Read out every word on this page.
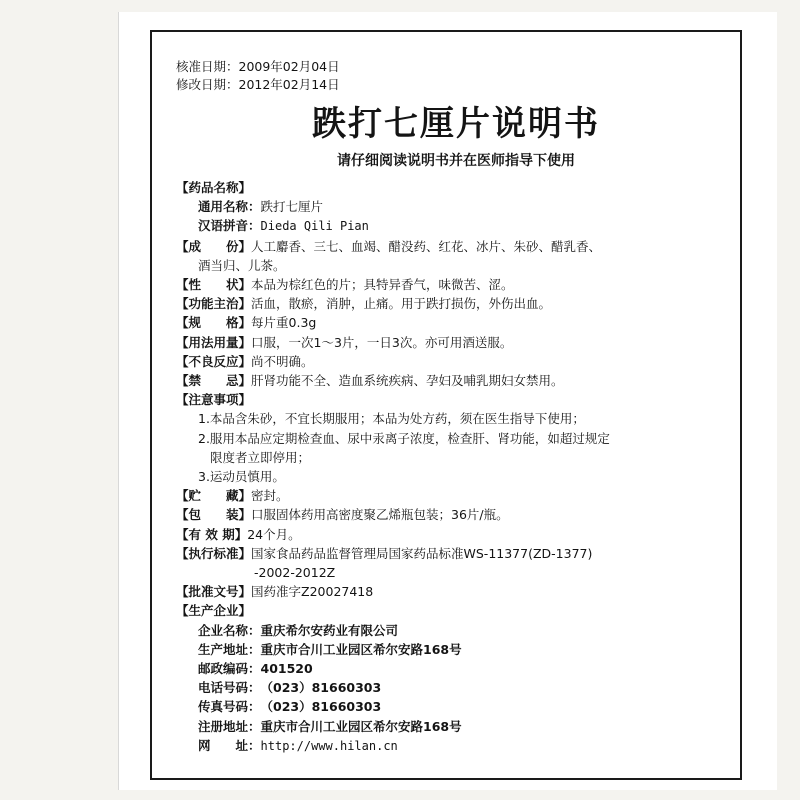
核准日期：2009年02月04日
修改日期：2012年02月14日
跌打七厘片说明书
请仔细阅读说明书并在医师指导下使用
【药品名称】
通用名称：跌打七厘片
汉语拼音：Dieda Qili Pian
【成　　份】人工麝香、三七、血竭、醋没药、红花、冰片、朱砂、醋乳香、
酒当归、儿茶。
【性　　状】本品为棕红色的片；具特异香气，味微苦、涩。
【功能主治】活血，散瘀，消肿，止痛。用于跌打损伤，外伤出血。
【规　　格】每片重0.3g
【用法用量】口服，一次1～3片，一日3次。亦可用酒送服。
【不良反应】尚不明确。
【禁　　忌】肝肾功能不全、造血系统疾病、孕妇及哺乳期妇女禁用。
【注意事项】
1.本品含朱砂，不宜长期服用；本品为处方药，须在医生指导下使用；
2.服用本品应定期检查血、尿中汞离子浓度，检查肝、肾功能，如超过规定
限度者立即停用；
3.运动员慎用。
【贮　　藏】密封。
【包　　装】口服固体药用高密度聚乙烯瓶包装；36片/瓶。
【有 效 期】24个月。
【执行标准】国家食品药品监督管理局国家药品标准WS-11377(ZD-1377)
-2002-2012Z
【批准文号】国药准字Z20027418
【生产企业】
企业名称：重庆希尔安药业有限公司
生产地址：重庆市合川工业园区希尔安路168号
邮政编码：401520
电话号码：（023）81660303
传真号码：（023）81660303
注册地址：重庆市合川工业园区希尔安路168号
网　　址：http://www.hilan.cn
